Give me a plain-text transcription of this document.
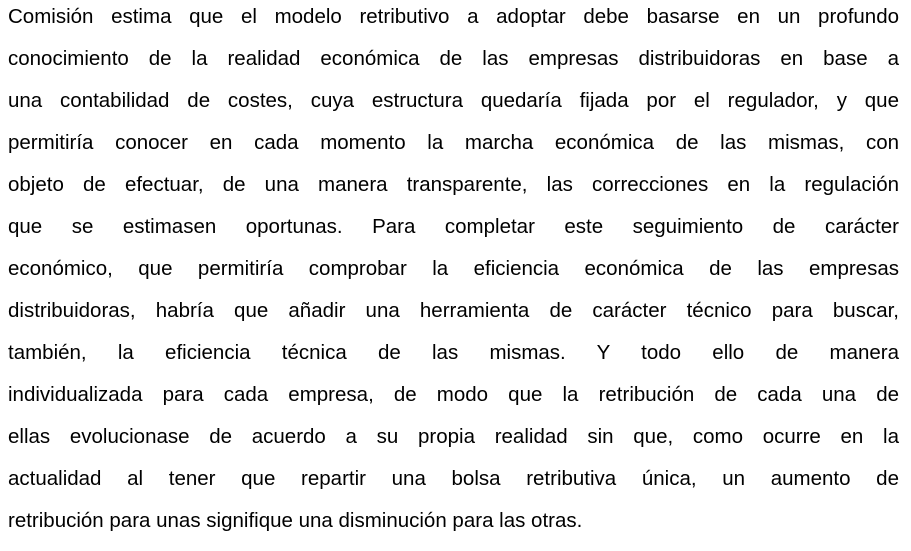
Comisión estima que el modelo retributivo a adoptar debe basarse en un profundo
conocimiento de la realidad económica de las empresas distribuidoras en base a
una contabilidad de costes, cuya estructura quedaría fijada por el regulador, y que
permitiría conocer en cada momento la marcha económica de las mismas, con
objeto de efectuar, de una manera transparente, las correcciones en la regulación
que se estimasen oportunas. Para completar este seguimiento de carácter
económico, que permitiría comprobar la eficiencia económica de las empresas
distribuidoras, habría que añadir una herramienta de carácter técnico para buscar,
también, la eficiencia técnica de las mismas. Y todo ello de manera
individualizada para cada empresa, de modo que la retribución de cada una de
ellas evolucionase de acuerdo a su propia realidad sin que, como ocurre en la
actualidad al tener que repartir una bolsa retributiva única, un aumento de
retribución para unas signifique una disminución para las otras.
